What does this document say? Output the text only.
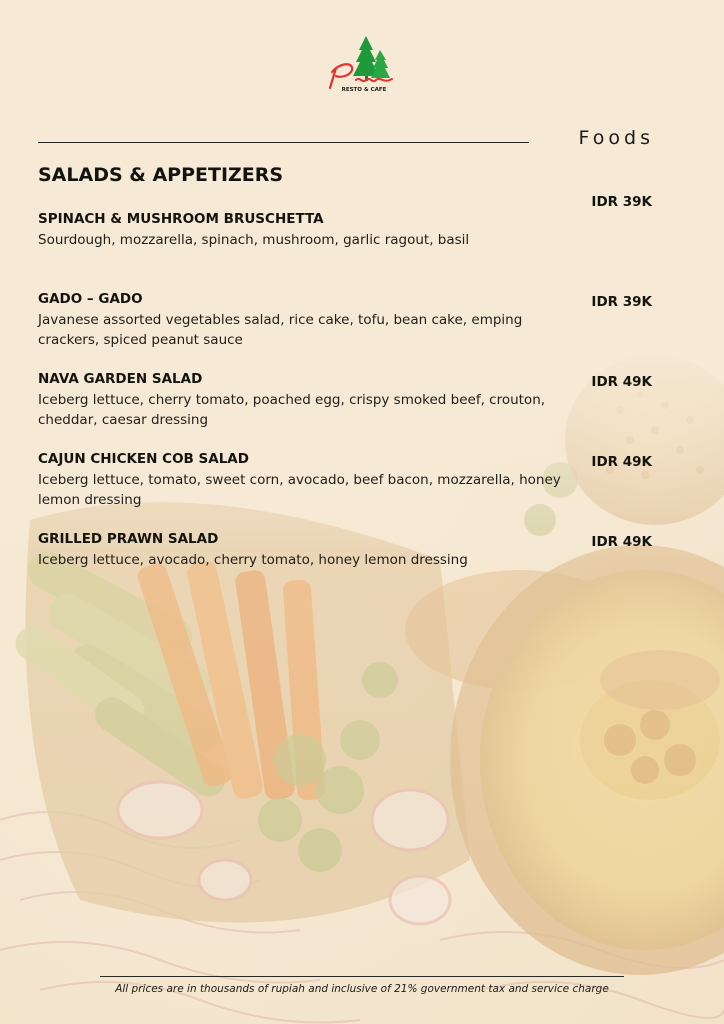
RESTO & CAFE
Foods
SALADS & APPETIZERS
SPINACH & MUSHROOM BRUSCHETTA
Sourdough, mozzarella, spinach, mushroom, garlic ragout, basil
IDR 39K
GADO – GADO
Javanese assorted vegetables salad, rice cake, tofu, bean cake, emping crackers, spiced peanut sauce
IDR 39K
NAVA GARDEN SALAD
Iceberg lettuce, cherry tomato, poached egg, crispy smoked beef, crouton, cheddar, caesar dressing
IDR 49K
CAJUN CHICKEN COB SALAD
Iceberg lettuce, tomato, sweet corn, avocado, beef bacon, mozzarella, honey lemon dressing
IDR 49K
GRILLED PRAWN SALAD
Iceberg lettuce, avocado, cherry tomato, honey lemon dressing
IDR 49K
All prices are in thousands of rupiah and inclusive of 21% government tax and service charge
